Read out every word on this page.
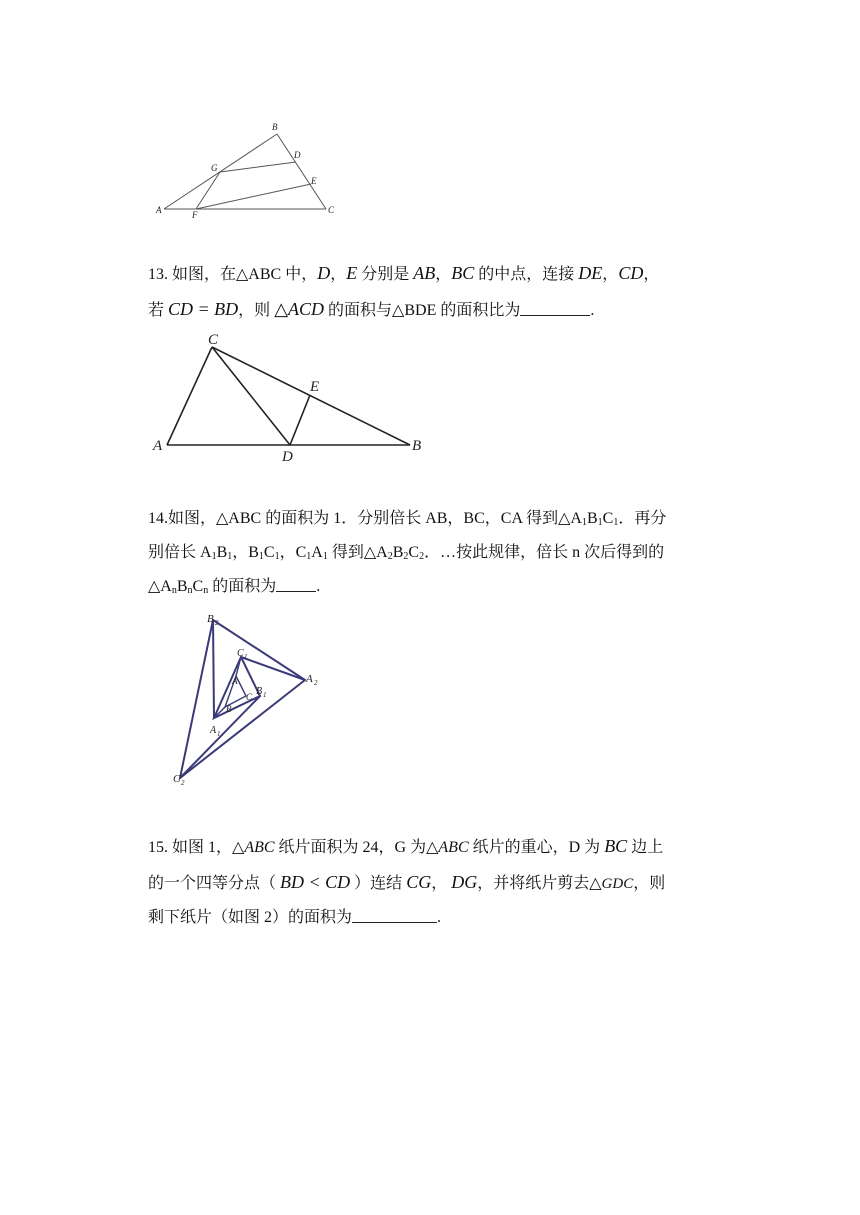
B
G
D
E
A	F	C
13. 如图，在△ABC 中，D，E 分别是 AB，BC 的中点，连接 DE，CD，
若 CD = BD，则 △ACD 的面积与△BDE 的面积比为	.
C
E
A
D
B
14.如图，△ABC 的面积为 1．分别倍长 AB，BC，CA 得到$\triangle A_1B_1C_1$．再分
别倍长 $A_1B_1$，$B_1C_1$，$C_1A_1$ 得到$\triangle A_2B_2C_2$．…按此规律，倍长 n 次后得到的
$\triangle A_nB_nC_n$ 的面积为	.
B 2
C 1
A
B 1
C
A 1
B
A 2
C 2
15. 如图 1，△ABC 纸片面积为 24，G 为△ABC 纸片的重心，D 为 BC 边上
的一个四等分点（ BD < CD ）连结 CG， DG，并将纸片剪去△GDC，则
剩下纸片（如图 2）的面积为	.
